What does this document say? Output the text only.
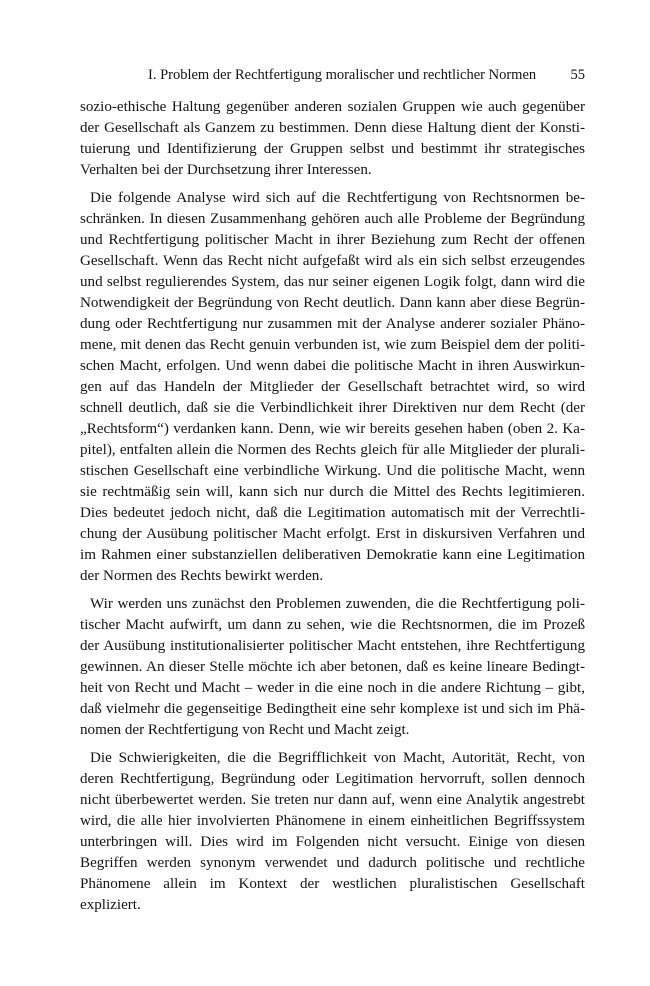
I. Problem der Rechtfertigung moralischer und rechtlicher Normen 55

sozio-ethische Haltung gegenüber anderen sozialen Gruppen wie auch gegenüber der Gesellschaft als Ganzem zu bestimmen. Denn diese Haltung dient der Konstituierung und Identifizierung der Gruppen selbst und bestimmt ihr strategisches Verhalten bei der Durchsetzung ihrer Interessen.

Die folgende Analyse wird sich auf die Rechtfertigung von Rechtsnormen beschränken. In diesen Zusammenhang gehören auch alle Probleme der Begründung und Rechtfertigung politischer Macht in ihrer Beziehung zum Recht der offenen Gesellschaft. Wenn das Recht nicht aufgefaßt wird als ein sich selbst erzeugendes und selbst regulierendes System, das nur seiner eigenen Logik folgt, dann wird die Notwendigkeit der Begründung von Recht deutlich. Dann kann aber diese Begründung oder Rechtfertigung nur zusammen mit der Analyse anderer sozialer Phänomene, mit denen das Recht genuin verbunden ist, wie zum Beispiel dem der politischen Macht, erfolgen. Und wenn dabei die politische Macht in ihren Auswirkungen auf das Handeln der Mitglieder der Gesellschaft betrachtet wird, so wird schnell deutlich, daß sie die Verbindlichkeit ihrer Direktiven nur dem Recht (der „Rechtsform“) verdanken kann. Denn, wie wir bereits gesehen haben (oben 2. Kapitel), entfalten allein die Normen des Rechts gleich für alle Mitglieder der pluralistischen Gesellschaft eine verbindliche Wirkung. Und die politische Macht, wenn sie rechtmäßig sein will, kann sich nur durch die Mittel des Rechts legitimieren. Dies bedeutet jedoch nicht, daß die Legitimation automatisch mit der Verrechtlichung der Ausübung politischer Macht erfolgt. Erst in diskursiven Verfahren und im Rahmen einer substanziellen deliberativen Demokratie kann eine Legitimation der Normen des Rechts bewirkt werden.

Wir werden uns zunächst den Problemen zuwenden, die die Rechtfertigung politischer Macht aufwirft, um dann zu sehen, wie die Rechtsnormen, die im Prozeß der Ausübung institutionalisierter politischer Macht entstehen, ihre Rechtfertigung gewinnen. An dieser Stelle möchte ich aber betonen, daß es keine lineare Bedingtheit von Recht und Macht – weder in die eine noch in die andere Richtung – gibt, daß vielmehr die gegenseitige Bedingtheit eine sehr komplexe ist und sich im Phänomen der Rechtfertigung von Recht und Macht zeigt.

Die Schwierigkeiten, die die Begrifflichkeit von Macht, Autorität, Recht, von deren Rechtfertigung, Begründung oder Legitimation hervorruft, sollen dennoch nicht überbewertet werden. Sie treten nur dann auf, wenn eine Analytik angestrebt wird, die alle hier involvierten Phänomene in einem einheitlichen Begriffssystem unterbringen will. Dies wird im Folgenden nicht versucht. Einige von diesen Begriffen werden synonym verwendet und dadurch politische und rechtliche Phänomene allein im Kontext der westlichen pluralistischen Gesellschaft expliziert.
